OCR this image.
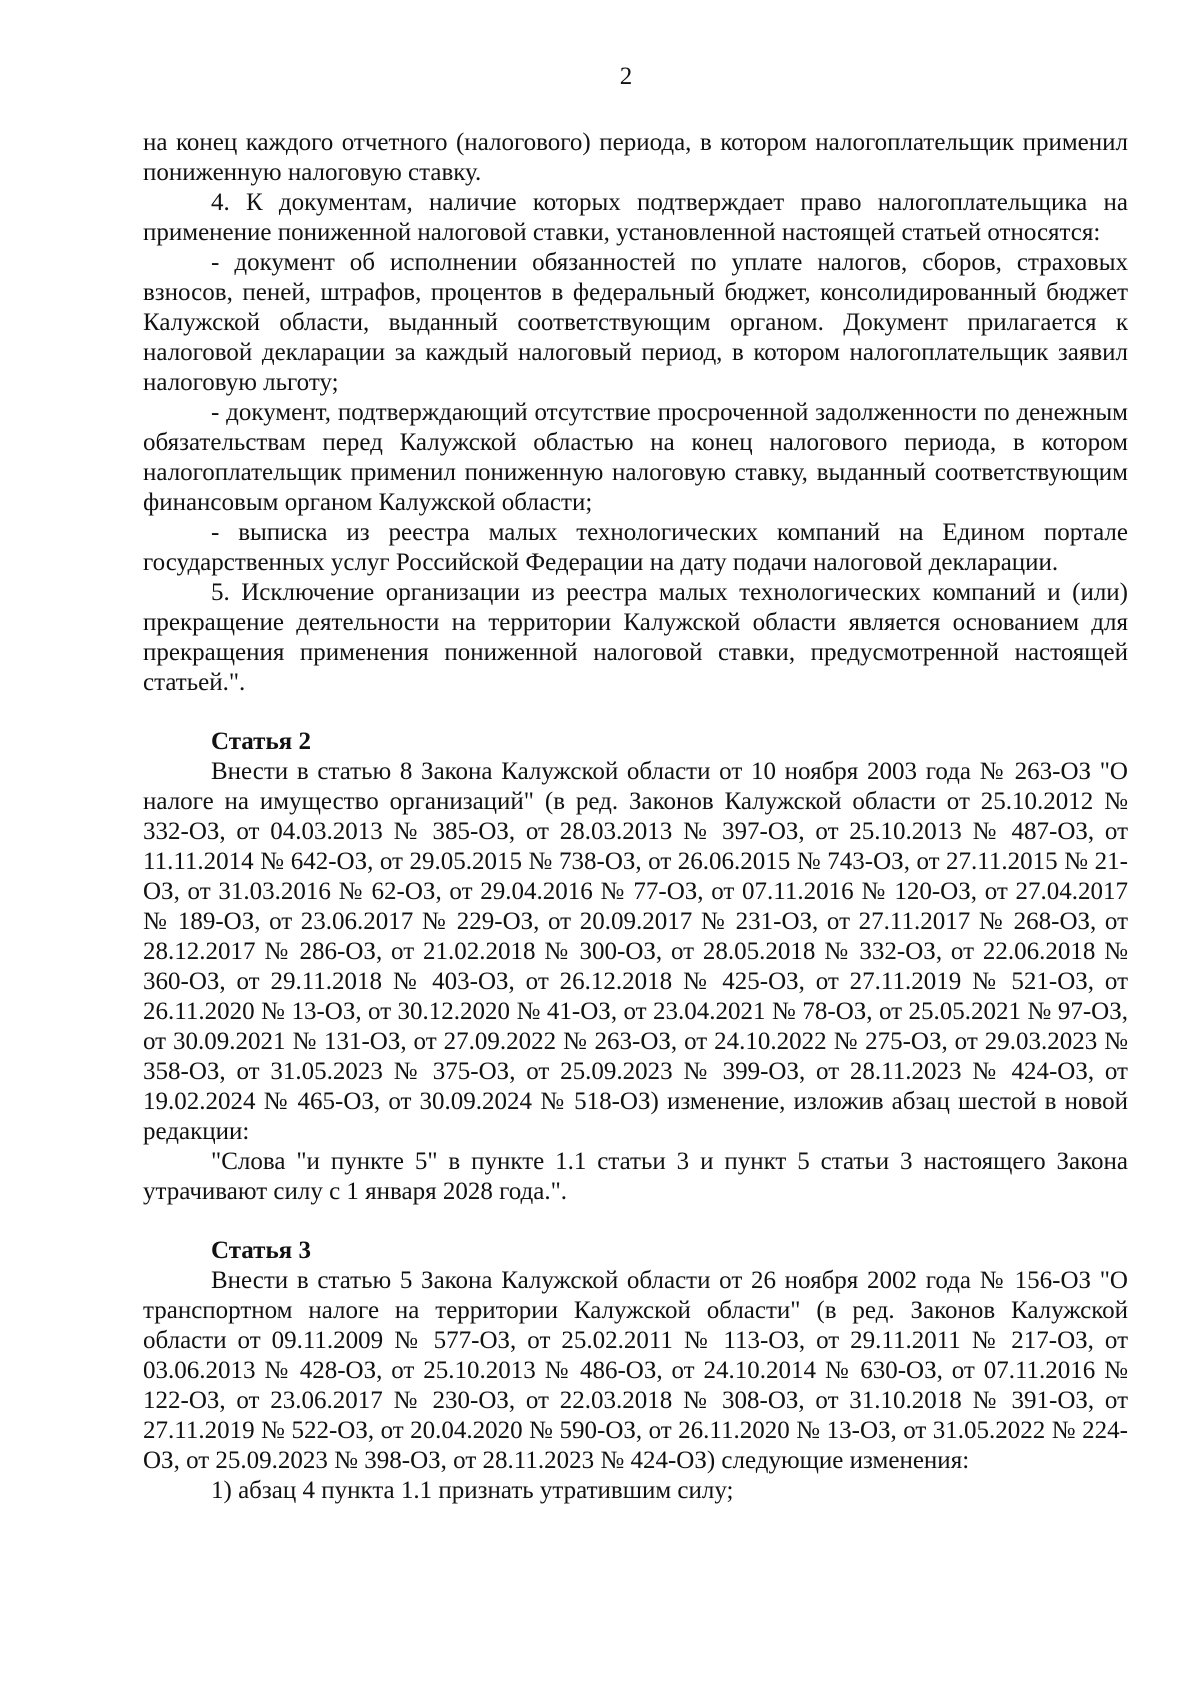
2

на конец каждого отчетного (налогового) периода, в котором налогоплательщик применил пониженную налоговую ставку.

4. К документам, наличие которых подтверждает право налогоплательщика на применение пониженной налоговой ставки, установленной настоящей статьей относятся:

- документ об исполнении обязанностей по уплате налогов, сборов, страховых взносов, пеней, штрафов, процентов в федеральный бюджет, консолидированный бюджет Калужской области, выданный соответствующим органом. Документ прилагается к налоговой декларации за каждый налоговый период, в котором налогоплательщик заявил налоговую льготу;

- документ, подтверждающий отсутствие просроченной задолженности по денежным обязательствам перед Калужской областью на конец налогового периода, в котором налогоплательщик применил пониженную налоговую ставку, выданный соответствующим финансовым органом Калужской области;

- выписка из реестра малых технологических компаний на Едином портале государственных услуг Российской Федерации на дату подачи налоговой декларации.

5. Исключение организации из реестра малых технологических компаний и (или) прекращение деятельности на территории Калужской области является основанием для прекращения применения пониженной налоговой ставки, предусмотренной настоящей статьей.".

Статья 2

Внести в статью 8 Закона Калужской области от 10 ноября 2003 года № 263-ОЗ "О налоге на имущество организаций" (в ред. Законов Калужской области от 25.10.2012 № 332-ОЗ, от 04.03.2013 № 385-ОЗ, от 28.03.2013 № 397-ОЗ, от 25.10.2013 № 487-ОЗ, от 11.11.2014 № 642-ОЗ, от 29.05.2015 № 738-ОЗ, от 26.06.2015 № 743-ОЗ, от 27.11.2015 № 21-ОЗ, от 31.03.2016 № 62-ОЗ, от 29.04.2016 № 77-ОЗ, от 07.11.2016 № 120-ОЗ, от 27.04.2017 № 189-ОЗ, от 23.06.2017 № 229-ОЗ, от 20.09.2017 № 231-ОЗ, от 27.11.2017 № 268-ОЗ, от 28.12.2017 № 286-ОЗ, от 21.02.2018 № 300-ОЗ, от 28.05.2018 № 332-ОЗ, от 22.06.2018 № 360-ОЗ, от 29.11.2018 № 403-ОЗ, от 26.12.2018 № 425-ОЗ, от 27.11.2019 № 521-ОЗ, от 26.11.2020 № 13-ОЗ, от 30.12.2020 № 41-ОЗ, от 23.04.2021 № 78-ОЗ, от 25.05.2021 № 97-ОЗ, от 30.09.2021 № 131-ОЗ, от 27.09.2022 № 263-ОЗ, от 24.10.2022 № 275-ОЗ, от 29.03.2023 № 358-ОЗ, от 31.05.2023 № 375-ОЗ, от 25.09.2023 № 399-ОЗ, от 28.11.2023 № 424-ОЗ, от 19.02.2024 № 465-ОЗ, от 30.09.2024 № 518-ОЗ) изменение, изложив абзац шестой в новой редакции:

"Слова "и пункте 5" в пункте 1.1 статьи 3 и пункт 5 статьи 3 настоящего Закона утрачивают силу с 1 января 2028 года.".

Статья 3

Внести в статью 5 Закона Калужской области от 26 ноября 2002 года № 156-ОЗ "О транспортном налоге на территории Калужской области" (в ред. Законов Калужской области от 09.11.2009 № 577-ОЗ, от 25.02.2011 № 113-ОЗ, от 29.11.2011 № 217-ОЗ, от 03.06.2013 № 428-ОЗ, от 25.10.2013 № 486-ОЗ, от 24.10.2014 № 630-ОЗ, от 07.11.2016 № 122-ОЗ, от 23.06.2017 № 230-ОЗ, от 22.03.2018 № 308-ОЗ, от 31.10.2018 № 391-ОЗ, от 27.11.2019 № 522-ОЗ, от 20.04.2020 № 590-ОЗ, от 26.11.2020 № 13-ОЗ, от 31.05.2022 № 224-ОЗ, от 25.09.2023 № 398-ОЗ, от 28.11.2023 № 424-ОЗ) следующие изменения:

1) абзац 4 пункта 1.1 признать утратившим силу;
